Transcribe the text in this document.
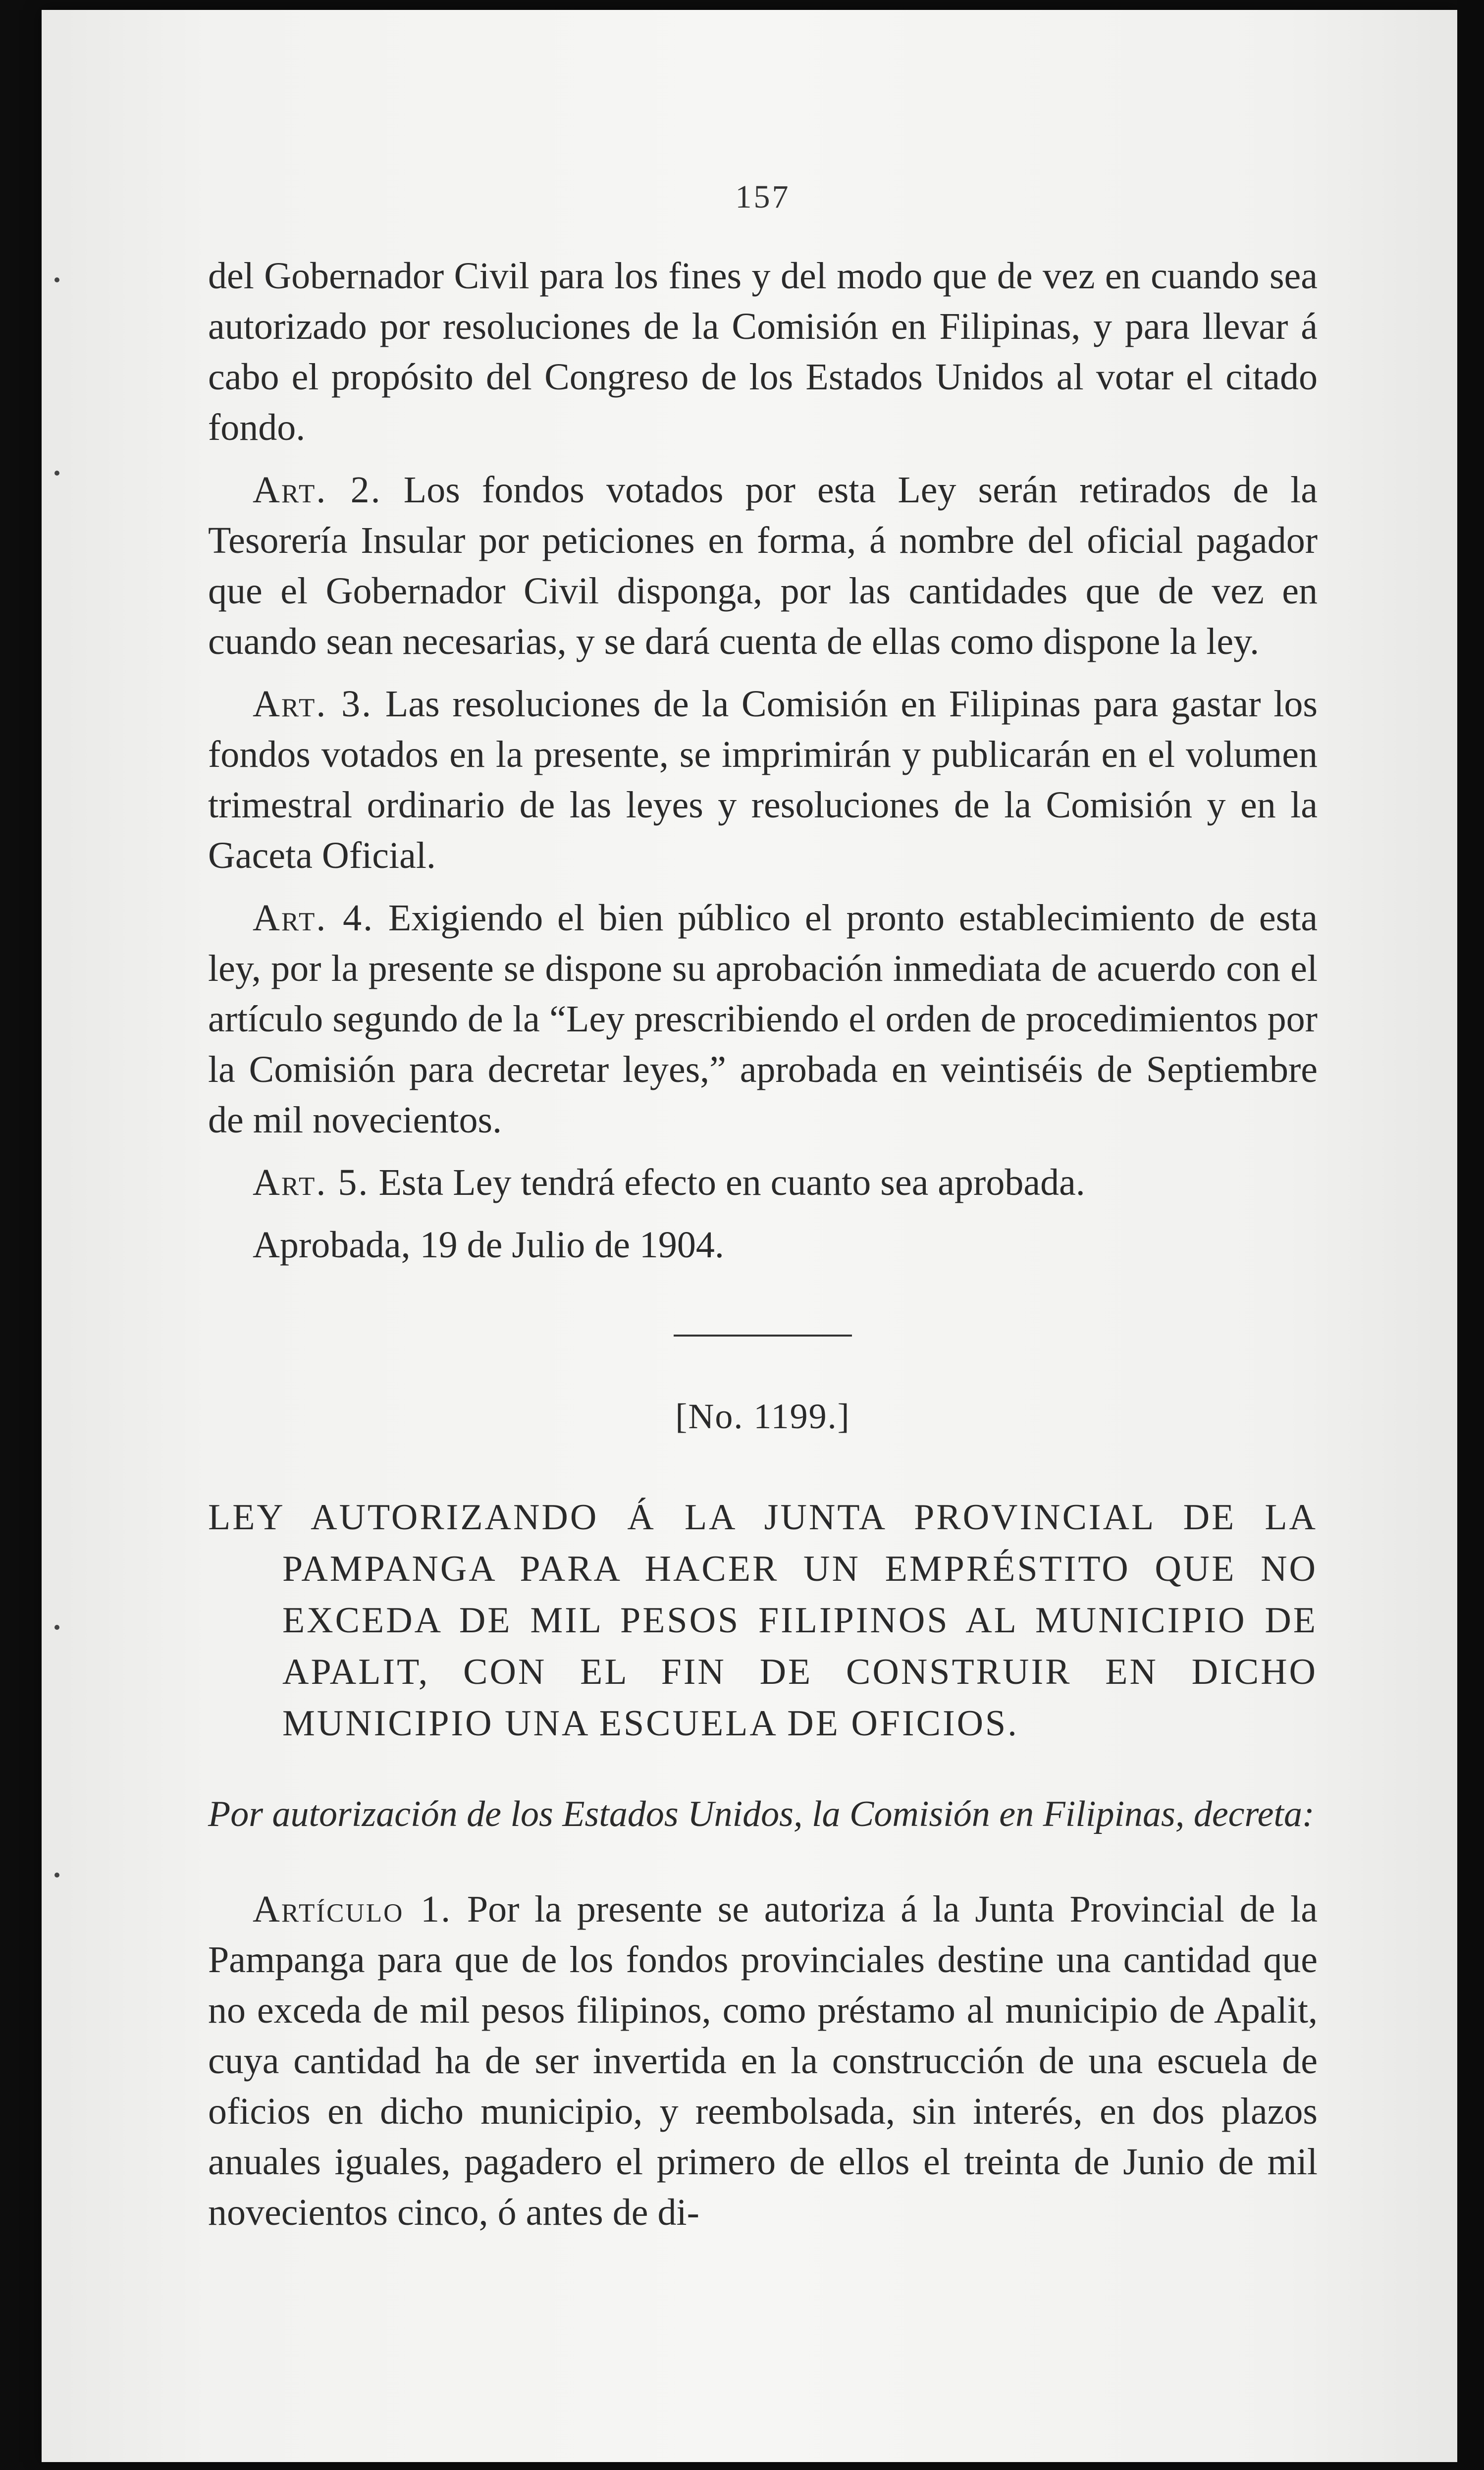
157

del Gobernador Civil para los fines y del modo que de vez en cuando sea autorizado por resoluciones de la Comisión en Filipinas, y para llevar á cabo el propósito del Congreso de los Estados Unidos al votar el citado fondo.

Art. 2. Los fondos votados por esta Ley serán retirados de la Tesorería Insular por peticiones en forma, á nombre del oficial pagador que el Gobernador Civil disponga, por las cantidades que de vez en cuando sean necesarias, y se dará cuenta de ellas como dispone la ley.

Art. 3. Las resoluciones de la Comisión en Filipinas para gastar los fondos votados en la presente, se imprimirán y publicarán en el volumen trimestral ordinario de las leyes y resoluciones de la Comisión y en la Gaceta Oficial.

Art. 4. Exigiendo el bien público el pronto establecimiento de esta ley, por la presente se dispone su aprobación inmediata de acuerdo con el artículo segundo de la “Ley prescribiendo el orden de procedimientos por la Comisión para decretar leyes,” aprobada en veintiséis de Septiembre de mil novecientos.

Art. 5. Esta Ley tendrá efecto en cuanto sea aprobada.

Aprobada, 19 de Julio de 1904.

[No. 1199.]

LEY AUTORIZANDO Á LA JUNTA PROVINCIAL DE LA PAMPANGA PARA HACER UN EMPRÉSTITO QUE NO EXCEDA DE MIL PESOS FILIPINOS AL MUNICIPIO DE APALIT, CON EL FIN DE CONSTRUIR EN DICHO MUNICIPIO UNA ESCUELA DE OFICIOS.

Por autorización de los Estados Unidos, la Comisión en Filipinas, decreta:

Artículo 1. Por la presente se autoriza á la Junta Provincial de la Pampanga para que de los fondos provinciales destine una cantidad que no exceda de mil pesos filipinos, como préstamo al municipio de Apalit, cuya cantidad ha de ser invertida en la construcción de una escuela de oficios en dicho municipio, y reembolsada, sin interés, en dos plazos anuales iguales, pagadero el primero de ellos el treinta de Junio de mil novecientos cinco, ó antes de di-
